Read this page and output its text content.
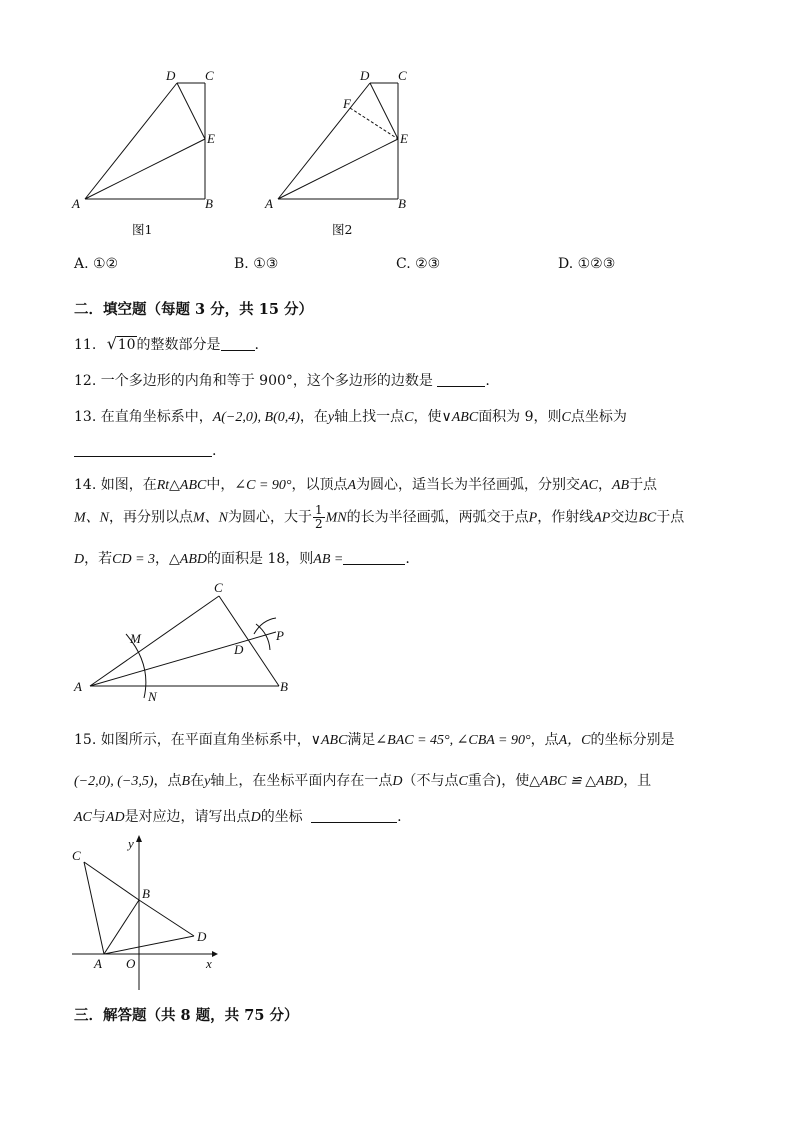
D C
E
A	B
图1
D C
F
E
A	B
图2
A. ①②	B. ①③	C. ②③	D. ①②③
二．填空题（每题 3 分，共 15 分）
11. √ 10的整数部分是 .
12. 一个多边形的内角和等于 900°，这个多边形的边数是	.
13. 在直角坐标系中，A(−2,0), B(0,4)，在y轴上找一点C，使∨ABC面积为 9，则C点坐标为
.
14. 如图，在Rt△ABC中，∠C = 90°，以顶点A为圆心，适当长为半径画弧，分别交AC，AB于点
M、N，再分别以点M、N为圆心，大于 $\frac{1}{2}$ MN的长为半径画弧，两弧交于点P，作射线AP交边BC于点
D，若CD = 3，△ABD的面积是 18，则AB =	.
C
M	P
D
A
N
B
15. 如图所示，在平面直角坐标系中，∨ABC满足∠BAC = 45°, ∠CBA = 90°，点A，C的坐标分别是
(−2,0), (−3,5)，点B在y轴上，在坐标平面内存在一点D（不与点C重合)，使△ABC ≌ △ABD，且
AC与AD是对应边，请写出点D的坐标	.
y
C
B
D
A O	x
三．解答题（共 8 题，共 75 分）
